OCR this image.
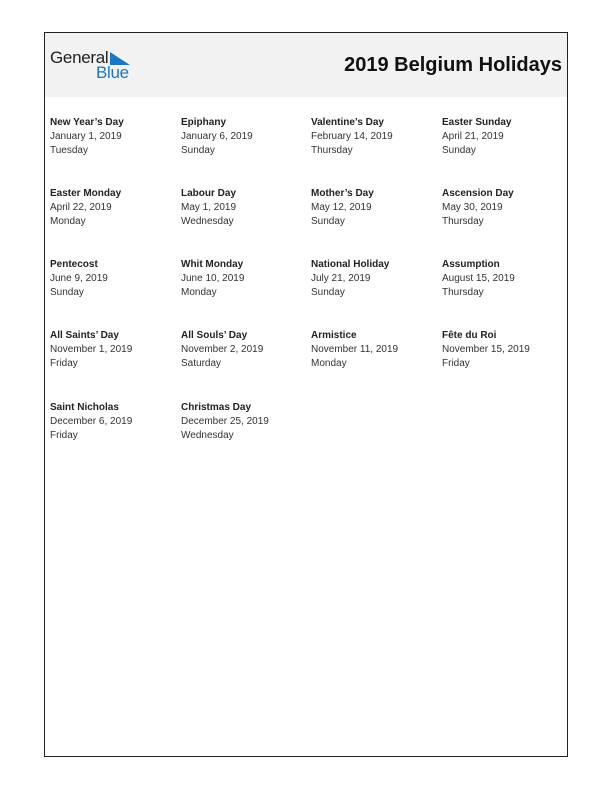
General
Blue	2019 Belgium Holidays
New Year’s Day
January 1, 2019
Tuesday
Epiphany
January 6, 2019
Sunday
Valentine’s Day
February 14, 2019
Thursday
Easter Sunday
April 21, 2019
Sunday
Easter Monday
April 22, 2019
Monday
Labour Day
May 1, 2019
Wednesday
Mother’s Day
May 12, 2019
Sunday
Ascension Day
May 30, 2019
Thursday
Pentecost
June 9, 2019
Sunday
Whit Monday
June 10, 2019
Monday
National Holiday
July 21, 2019
Sunday
Assumption
August 15, 2019
Thursday
All Saints’ Day
November 1, 2019
Friday
All Souls’ Day
November 2, 2019
Saturday
Armistice
November 11, 2019
Monday
Fête du Roi
November 15, 2019
Friday
Saint Nicholas
December 6, 2019
Friday
Christmas Day
December 25, 2019
Wednesday
